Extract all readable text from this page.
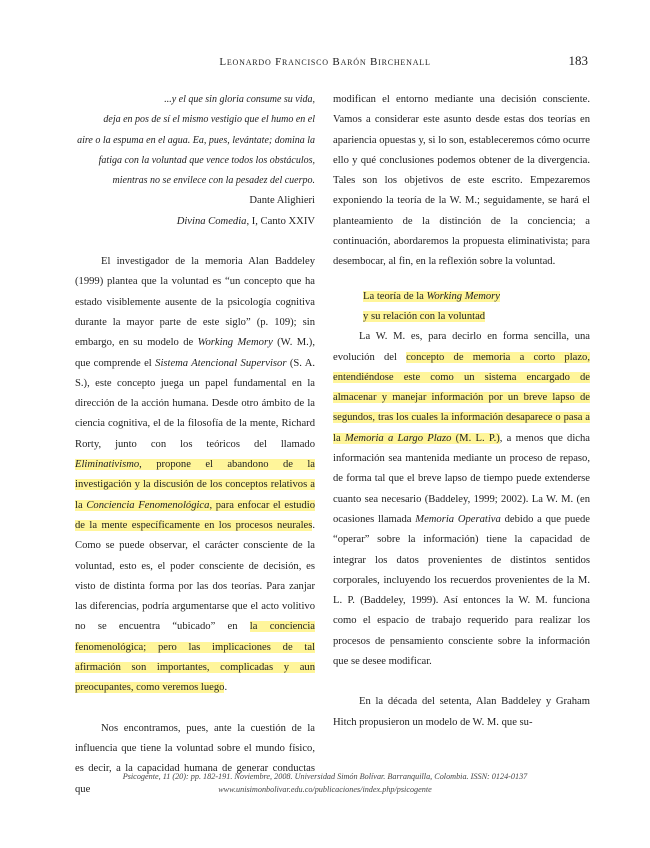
Leonardo Francisco Barón Birchenall	183
...y el que sin gloria consume su vida,
deja en pos de sí el mismo vestigio que el humo en el
aire o la espuma en el agua. Ea, pues, levántate; domina la
fatiga con la voluntad que vence todos los obstáculos,
mientras no se envilece con la pesadez del cuerpo.
Dante Alighieri
Divina Comedia, I, Canto XXIV

El investigador de la memoria Alan Baddeley (1999) plantea que la voluntad es “un concepto que ha estado visiblemente ausente de la psicología cognitiva durante la mayor parte de este siglo” (p. 109); sin embargo, en su modelo de Working Memory (W. M.), que comprende el Sistema Atencional Supervisor (S. A. S.), este concepto juega un papel fundamental en la dirección de la acción humana. Desde otro ámbito de la ciencia cognitiva, el de la filosofía de la mente, Richard Rorty, junto con los teóricos del llamado Eliminativismo, propone el abandono de la investigación y la discusión de los conceptos relativos a la Conciencia Fenomenológica, para enfocar el estudio de la mente específicamente en los procesos neurales. Como se puede observar, el carácter consciente de la voluntad, esto es, el poder consciente de decisión, es visto de distinta forma por las dos teorías. Para zanjar las diferencias, podría argumentarse que el acto volitivo no se encuentra “ubicado” en la conciencia fenomenológica; pero las implicaciones de tal afirmación son importantes, complicadas y aun preocupantes, como veremos luego.

Nos encontramos, pues, ante la cuestión de la influencia que tiene la voluntad sobre el mundo físico, es decir, a la capacidad humana de generar conductas que

modifican el entorno mediante una decisión consciente. Vamos a considerar este asunto desde estas dos teorías en apariencia opuestas y, si lo son, estableceremos cómo ocurre ello y qué conclusiones podemos obtener de la divergencia. Tales son los objetivos de este escrito. Empezaremos exponiendo la teoría de la W. M.; seguidamente, se hará el planteamiento de la distinción de la conciencia; a continuación, abordaremos la propuesta eliminativista; para desembocar, al fin, en la reflexión sobre la voluntad.

La teoría de la Working Memory
y su relación con la voluntad

La W. M. es, para decirlo en forma sencilla, una evolución del concepto de memoria a corto plazo, entendiéndose este como un sistema encargado de almacenar y manejar información por un breve lapso de segundos, tras los cuales la información desaparece o pasa a la Memoria a Largo Plazo (M. L. P.), a menos que dicha información sea mantenida mediante un proceso de repaso, de forma tal que el breve lapso de tiempo puede extenderse cuanto sea necesario (Baddeley, 1999; 2002). La W. M. (en ocasiones llamada Memoria Operativa debido a que puede “operar” sobre la información) tiene la capacidad de integrar los datos provenientes de distintos sentidos corporales, incluyendo los recuerdos provenientes de la M. L. P. (Baddeley, 1999). Así entonces la W. M. funciona como el espacio de trabajo requerido para realizar los procesos de pensamiento consciente sobre la información que se desee modificar.

En la década del setenta, Alan Baddeley y Graham Hitch propusieron un modelo de W. M. que su-

Psicogente, 11 (20): pp. 182-191. Noviembre, 2008. Universidad Simón Bolívar. Barranquilla, Colombia. ISSN: 0124-0137
www.unisimonbolivar.edu.co/publicaciones/index.php/psicogente
